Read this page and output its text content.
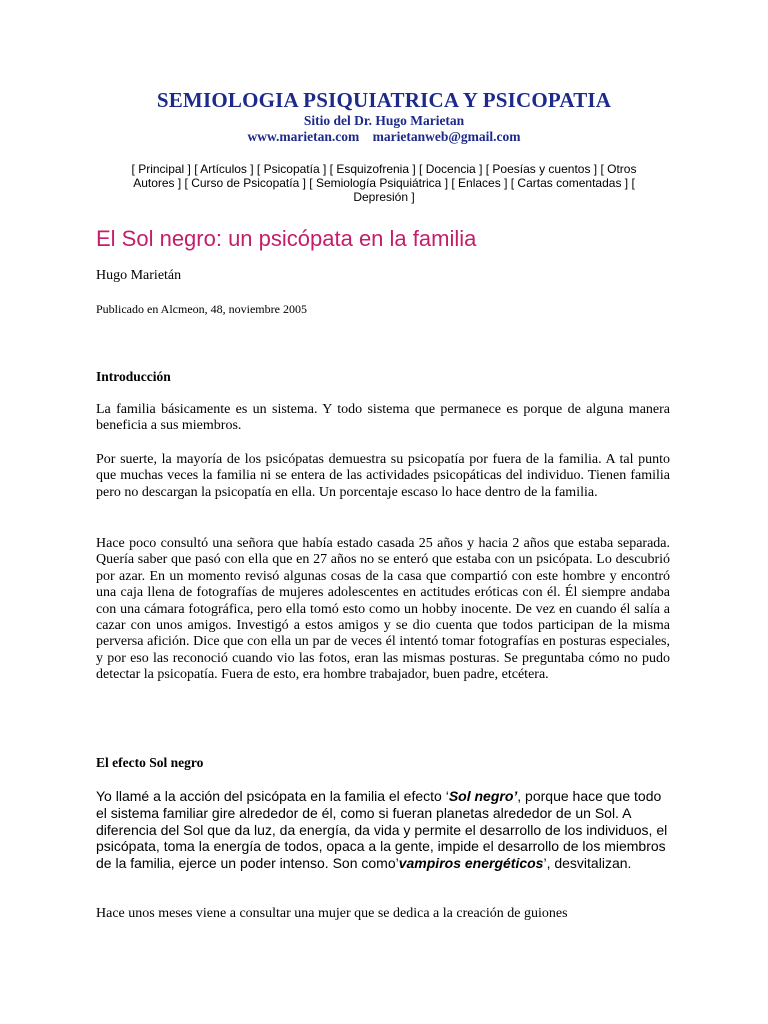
SEMIOLOGIA PSIQUIATRICA Y PSICOPATIA
Sitio del Dr. Hugo Marietan
www.marietan.com marietanweb@gmail.com
[ Principal ] [ Artículos ] [ Psicopatía ] [ Esquizofrenia ] [ Docencia ] [ Poesías y cuentos ] [ Otros Autores ] [ Curso de Psicopatía ] [ Semiología Psiquiátrica ] [ Enlaces ] [ Cartas comentadas ] [ Depresión ]
El Sol negro: un psicópata en la familia
Hugo Marietán
Publicado en Alcmeon, 48, noviembre 2005
Introducción
La familia básicamente es un sistema. Y todo sistema que permanece es porque de alguna manera beneficia a sus miembros.
Por suerte, la mayoría de los psicópatas demuestra su psicopatía por fuera de la familia. A tal punto que muchas veces la familia ni se entera de las actividades psicopáticas del individuo. Tienen familia pero no descargan la psicopatía en ella. Un porcentaje escaso lo hace dentro de la familia.
Hace poco consultó una señora que había estado casada 25 años y hacia 2 años que estaba separada. Quería saber que pasó con ella que en 27 años no se enteró que estaba con un psicópata. Lo descubrió por azar. En un momento revisó algunas cosas de la casa que compartió con este hombre y encontró una caja llena de fotografías de mujeres adolescentes en actitudes eróticas con él. Él siempre andaba con una cámara fotográfica, pero ella tomó esto como un hobby inocente. De vez en cuando él salía a cazar con unos amigos. Investigó a estos amigos y se dio cuenta que todos participan de la misma perversa afición. Dice que con ella un par de veces él intentó tomar fotografías en posturas especiales, y por eso las reconoció cuando vio las fotos, eran las mismas posturas. Se preguntaba cómo no pudo detectar la psicopatía. Fuera de esto, era hombre trabajador, buen padre, etcétera.
El efecto Sol negro
Yo llamé a la acción del psicópata en la familia el efecto ‘Sol negro’, porque hace que todo el sistema familiar gire alrededor de él, como si fueran planetas alrededor de un Sol. A diferencia del Sol que da luz, da energía, da vida y permite el desarrollo de los individuos, el psicópata, toma la energía de todos, opaca a la gente, impide el desarrollo de los miembros de la familia, ejerce un poder intenso. Son como’vampiros energéticos’, desvitalizan.
Hace unos meses viene a consultar una mujer que se dedica a la creación de guiones
